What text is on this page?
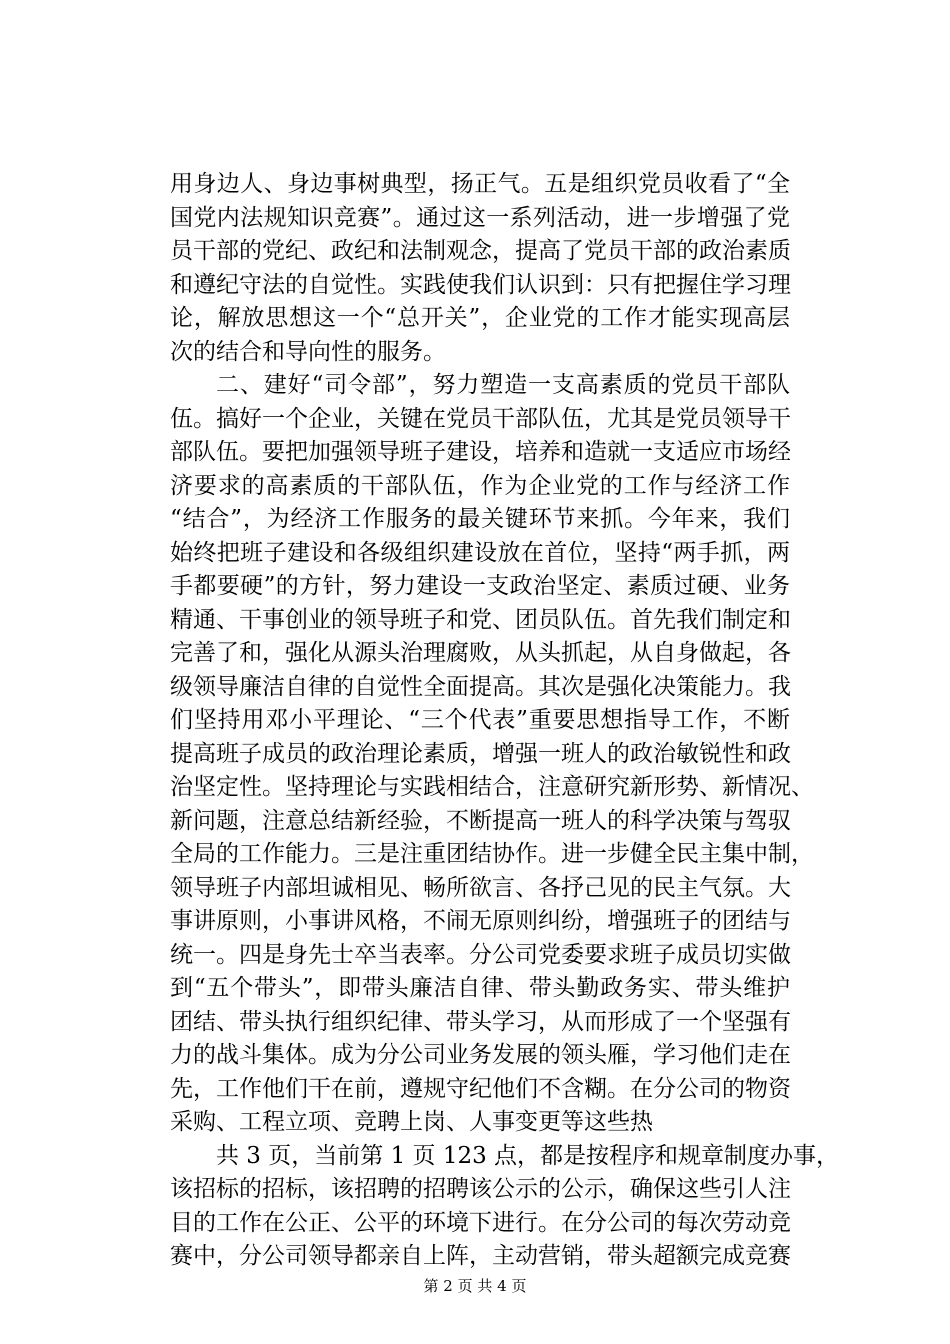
用身边人、身边事树典型，扬正气。五是组织党员收看了“全
国党内法规知识竞赛”。通过这一系列活动，进一步增强了党
员干部的党纪、政纪和法制观念，提高了党员干部的政治素质
和遵纪守法的自觉性。实践使我们认识到：只有把握住学习理
论，解放思想这一个“总开关”，企业党的工作才能实现高层
次的结合和导向性的服务。
二、建好“司令部”，努力塑造一支高素质的党员干部队
伍。搞好一个企业，关键在党员干部队伍，尤其是党员领导干
部队伍。要把加强领导班子建设，培养和造就一支适应市场经
济要求的高素质的干部队伍，作为企业党的工作与经济工作
“结合”，为经济工作服务的最关键环节来抓。今年来，我们
始终把班子建设和各级组织建设放在首位，坚持“两手抓，两
手都要硬”的方针，努力建设一支政治坚定、素质过硬、业务
精通、干事创业的领导班子和党、团员队伍。首先我们制定和
完善了和，强化从源头治理腐败，从头抓起，从自身做起，各
级领导廉洁自律的自觉性全面提高。其次是强化决策能力。我
们坚持用邓小平理论、“三个代表”重要思想指导工作，不断
提高班子成员的政治理论素质，增强一班人的政治敏锐性和政
治坚定性。坚持理论与实践相结合，注意研究新形势、新情况、
新问题，注意总结新经验，不断提高一班人的科学决策与驾驭
全局的工作能力。三是注重团结协作。进一步健全民主集中制，
领导班子内部坦诚相见、畅所欲言、各抒己见的民主气氛。大
事讲原则，小事讲风格，不闹无原则纠纷，增强班子的团结与
统一。四是身先士卒当表率。分公司党委要求班子成员切实做
到“五个带头”，即带头廉洁自律、带头勤政务实、带头维护
团结、带头执行组织纪律、带头学习，从而形成了一个坚强有
力的战斗集体。成为分公司业务发展的领头雁，学习他们走在
先，工作他们干在前，遵规守纪他们不含糊。在分公司的物资
采购、工程立项、竞聘上岗、人事变更等这些热
共 3 页，当前第 1 页 123 点，都是按程序和规章制度办事，
该招标的招标，该招聘的招聘该公示的公示，确保这些引人注
目的工作在公正、公平的环境下进行。在分公司的每次劳动竞
赛中，分公司领导都亲自上阵，主动营销，带头超额完成竞赛
第 2 页 共 4 页
